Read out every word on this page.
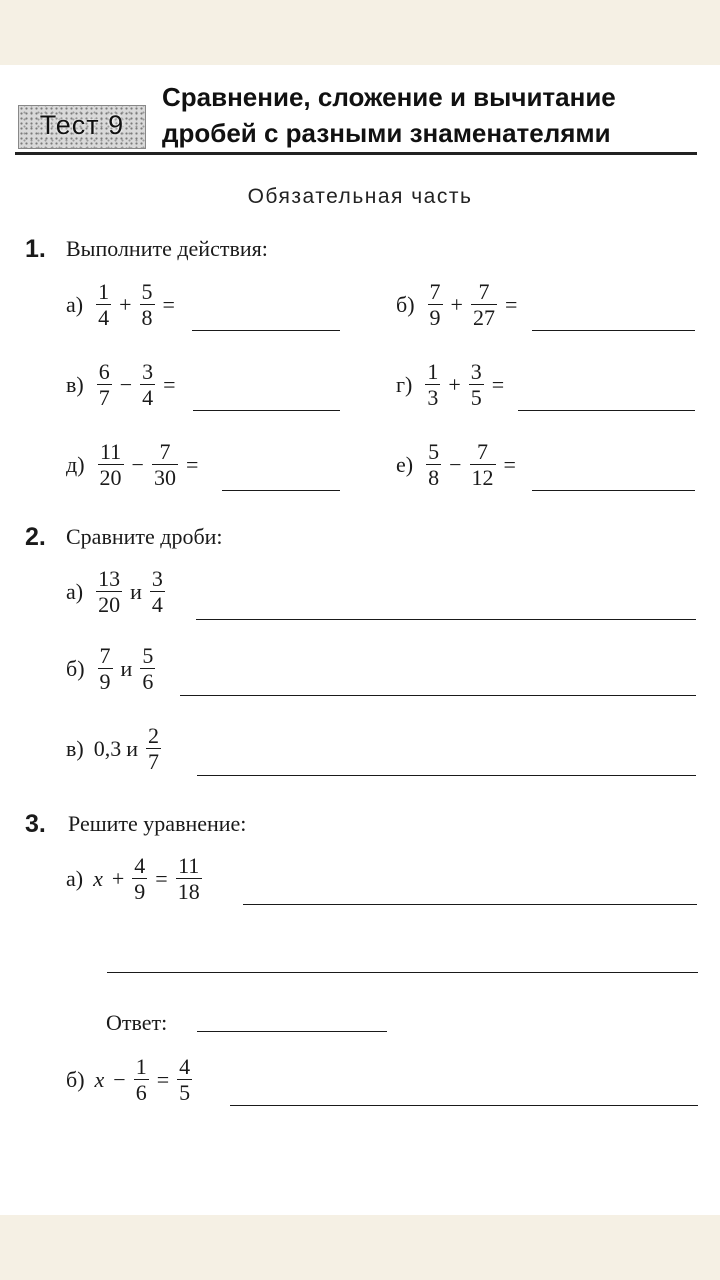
Тест 9
Сравнение, сложение и вычитание
дробей с разными знаменателями
Обязательная часть
1. Выполните действия:
$а) \frac{1}{4} + \frac{5}{8}$ =	$б) \frac{7}{9} + \frac{7}{27}$ =
$в) \frac{6}{7} - \frac{3}{4}$ =	$г) \frac{1}{3} + \frac{3}{5}$ =
$д) \frac{11}{20} - \frac{7}{30}$ =	$е) \frac{5}{8} - \frac{7}{12}$ =
2. Сравните дроби:
$а) \frac{13}{20}$ и $\frac{3}{4}$
$б) \frac{7}{9}$ и $\frac{5}{6}$
в) 0,3 и $\frac{2}{7}$
3. Решите уравнение:
а) $x + \frac{4}{9} = \frac{11}{18}$
Ответ:
б) $x - \frac{1}{6} = \frac{4}{5}$
